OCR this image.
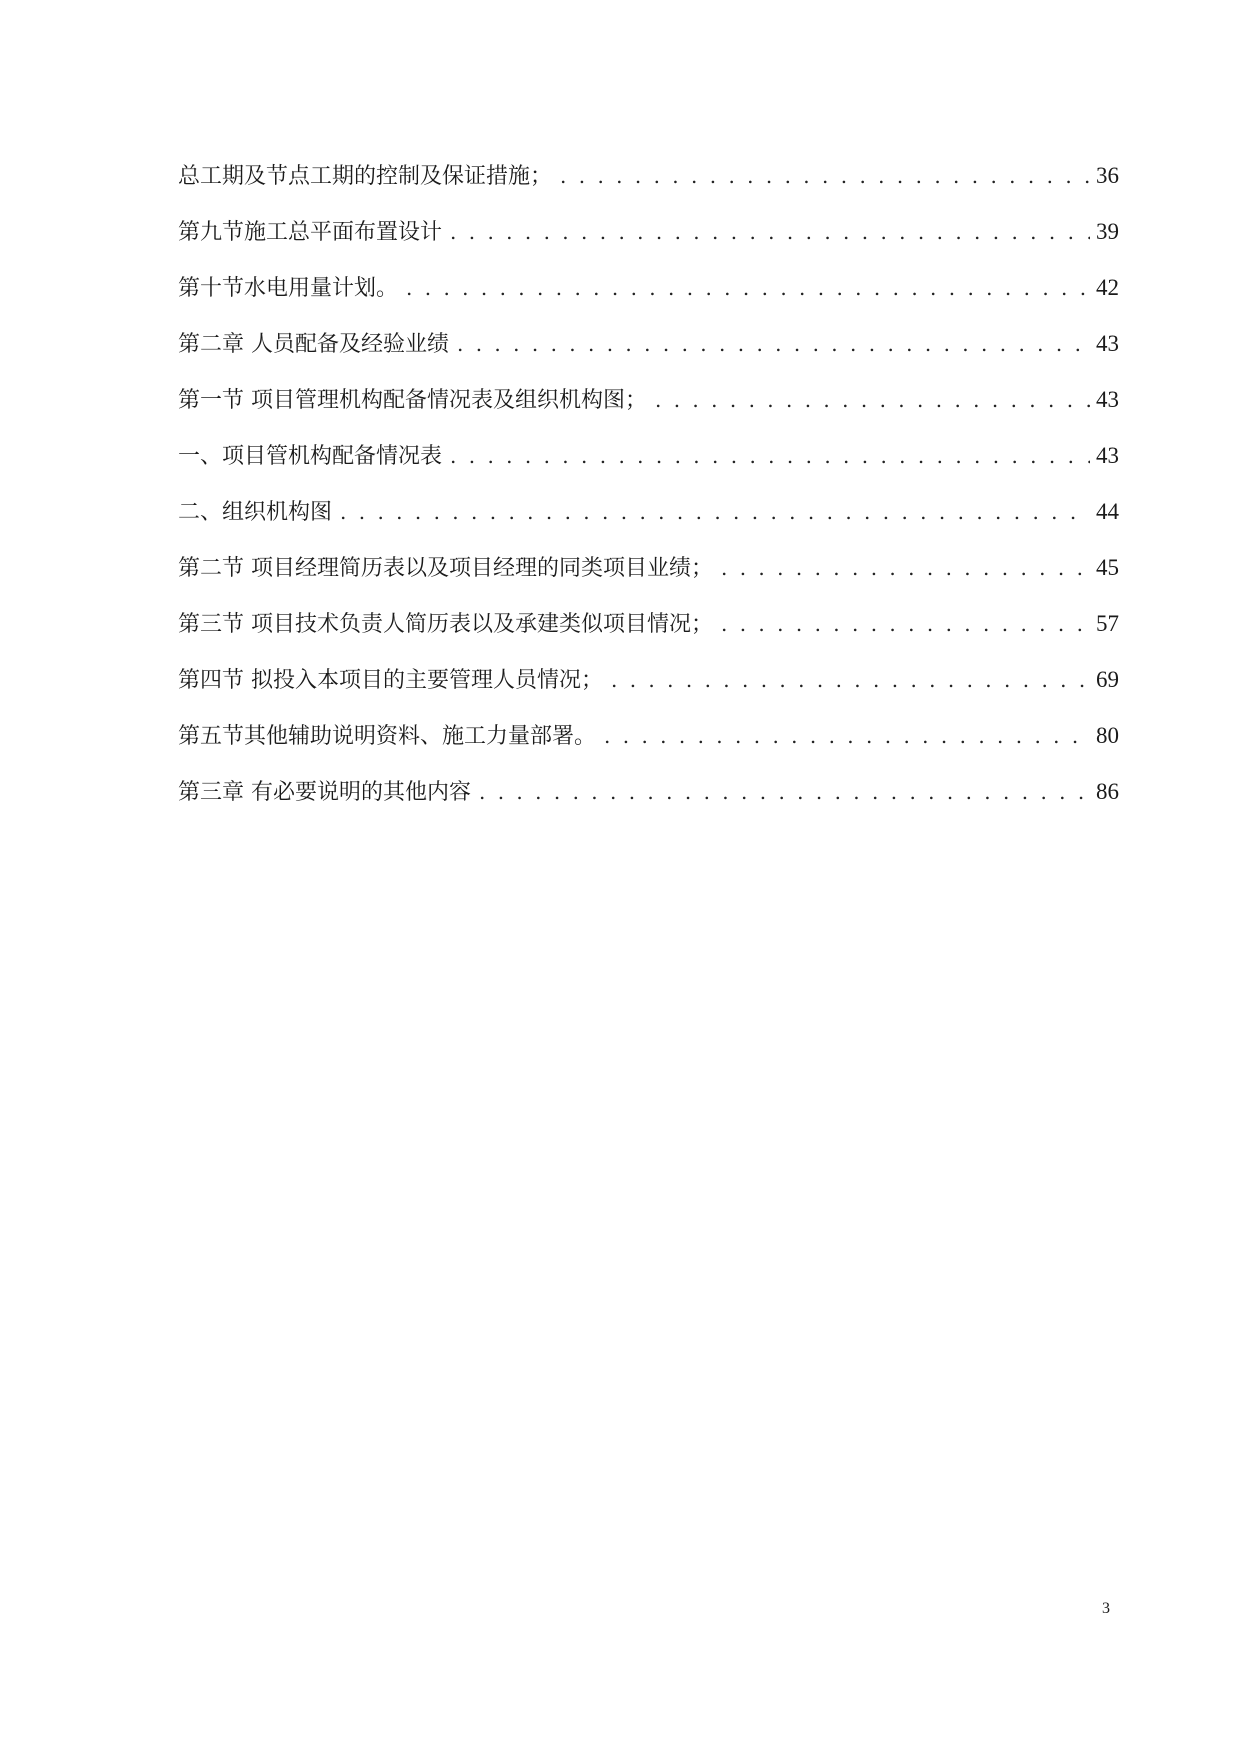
总工期及节点工期的控制及保证措施； . . .	36
第九节施工总平面布置设计 . . .	39
第十节水电用量计划。 . . .	42
第二章 人员配备及经验业绩 . . .	43
第一节 项目管理机构配备情况表及组织机构图； . . .	43
一、项目管机构配备情况表 . . .	43
二、组织机构图 . . .	44
第二节 项目经理简历表以及项目经理的同类项目业绩； . . .	45
第三节 项目技术负责人简历表以及承建类似项目情况； . . .	57
第四节 拟投入本项目的主要管理人员情况； . . .	69
第五节其他辅助说明资料、施工力量部署。 . . .	80
第三章 有必要说明的其他内容 . . .	86
3
